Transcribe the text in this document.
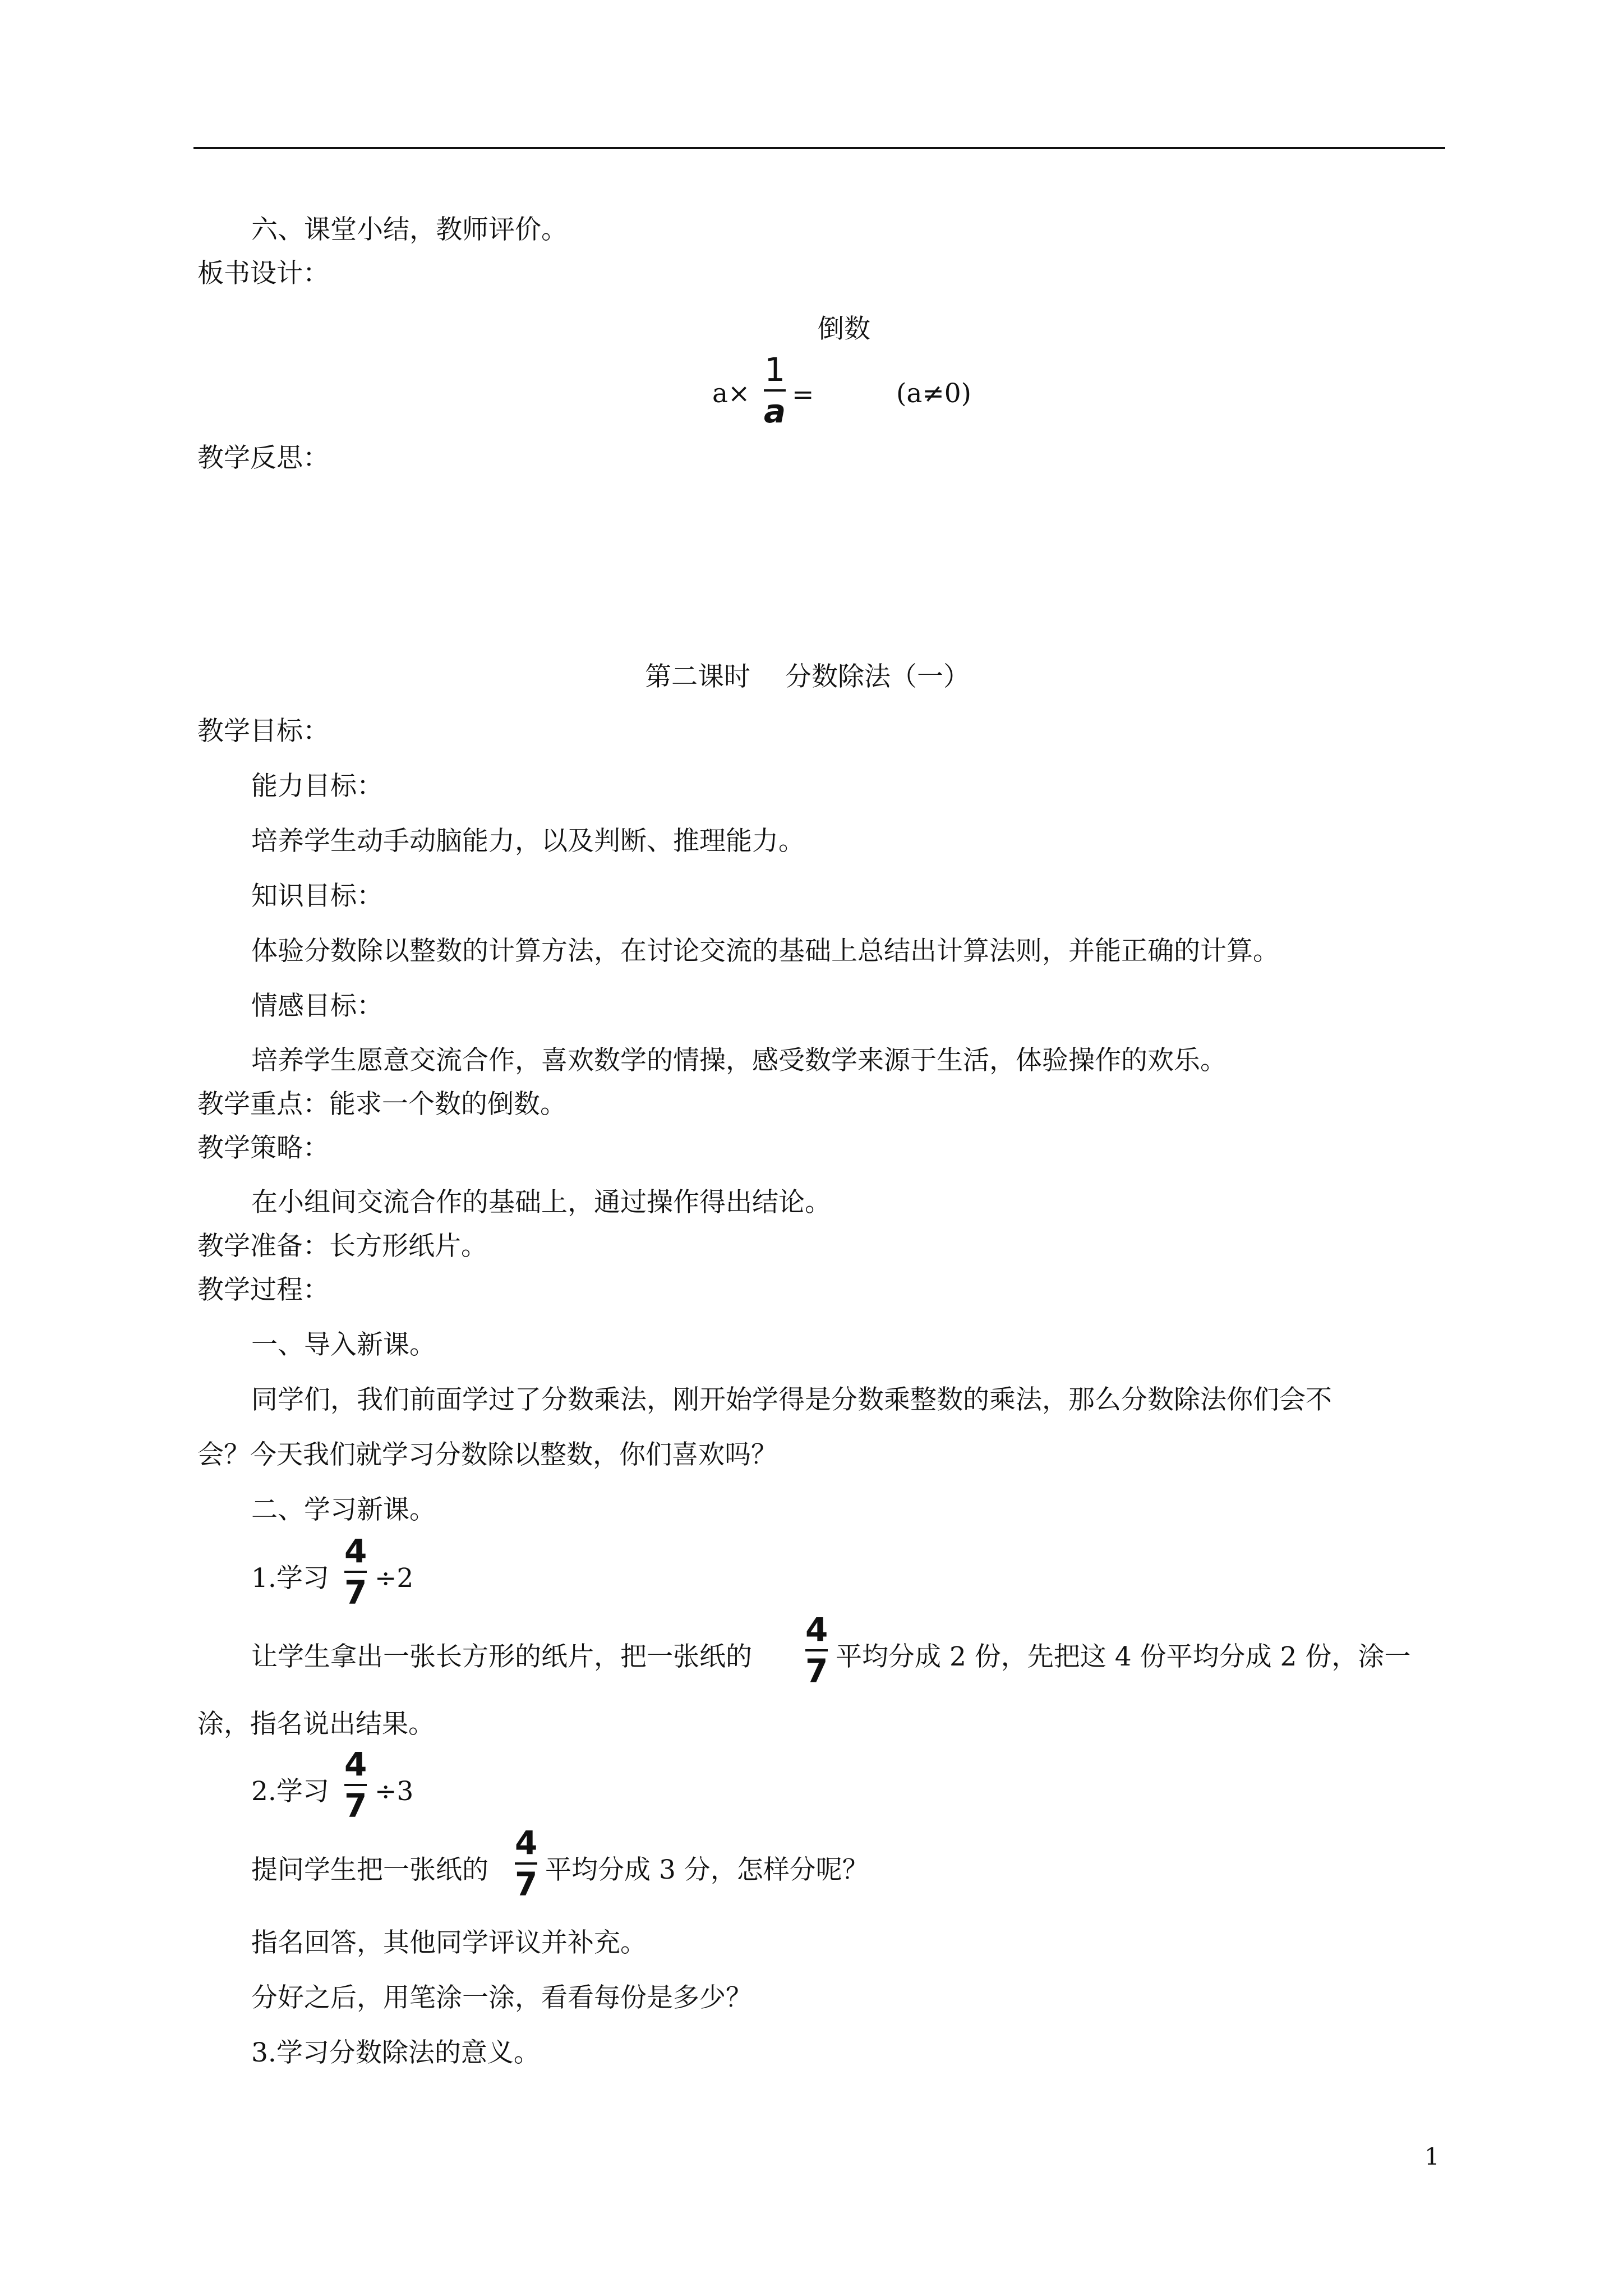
六、课堂小结，教师评价。
板书设计：
倒数
a×
1
a =	(a≠0)
教学反思：
第二课时　 分数除法（一）
教学目标：
能力目标：
培养学生动手动脑能力，以及判断、推理能力。
知识目标：
体验分数除以整数的计算方法，在讨论交流的基础上总结出计算法则，并能正确的计算。
情感目标：
培养学生愿意交流合作，喜欢数学的情操，感受数学来源于生活，体验操作的欢乐。
教学重点：能求一个数的倒数。
教学策略：
在小组间交流合作的基础上，通过操作得出结论。
教学准备：长方形纸片。
教学过程：
一、导入新课。
同学们，我们前面学过了分数乘法，刚开始学得是分数乘整数的乘法，那么分数除法你们会不
会？今天我们就学习分数除以整数，你们喜欢吗？
二、学习新课。
1.学习
4
7 ÷2
让学生拿出一张长方形的纸片，把一张纸的
4
7 平均分成 2 份，先把这 4 份平均分成 2 份，涂一
涂，指名说出结果。
2.学习
4
7 ÷3
提问学生把一张纸的
4
7 平均分成 3 分，怎样分呢？
指名回答，其他同学评议并补充。
分好之后，用笔涂一涂，看看每份是多少？
3.学习分数除法的意义。
1
